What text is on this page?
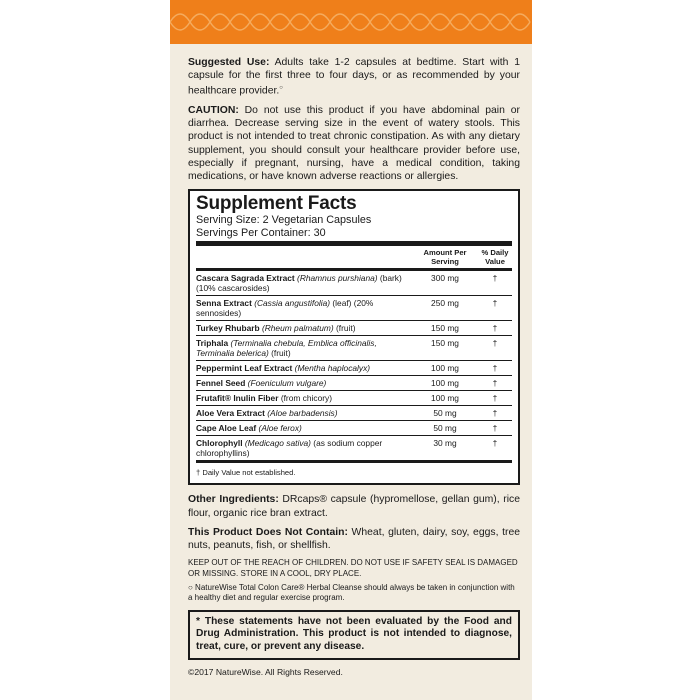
Suggested Use: Adults take 1-2 capsules at bedtime. Start with 1 capsule for the first three to four days, or as recommended by your healthcare provider.○

CAUTION: Do not use this product if you have abdominal pain or diarrhea. Decrease serving size in the event of watery stools. This product is not intended to treat chronic constipation. As with any dietary supplement, you should consult your healthcare provider before use, especially if pregnant, nursing, have a medical condition, taking medications, or have known adverse reactions or allergies.

Supplement Facts
Serving Size: 2 Vegetarian Capsules
Servings Per Container: 30
Amount Per Serving
% Daily Value
Cascara Sagrada Extract (Rhamnus purshiana) (bark) (10% cascarosides)
300 mg	†
Senna Extract (Cassia angustifolia) (leaf) (20% sennosides)
250 mg	†
Turkey Rhubarb (Rheum palmatum) (fruit)	150 mg	†
Triphala (Terminalia chebula, Emblica officinalis, Terminalia belerica) (fruit)
150 mg	†
Peppermint Leaf Extract (Mentha haplocalyx)	100 mg	†
Fennel Seed (Foeniculum vulgare)	100 mg	†
Frutafit® Inulin Fiber (from chicory)	100 mg	†
Aloe Vera Extract (Aloe barbadensis)	50 mg	†
Cape Aloe Leaf (Aloe ferox)	50 mg	†
Chlorophyll (Medicago sativa) (as sodium copper chlorophyllins)
30 mg	†
† Daily Value not established.

Other Ingredients: DRcaps® capsule (hypromellose, gellan gum), rice flour, organic rice bran extract.

This Product Does Not Contain: Wheat, gluten, dairy, soy, eggs, tree nuts, peanuts, fish, or shellfish.

KEEP OUT OF THE REACH OF CHILDREN. DO NOT USE IF SAFETY SEAL IS DAMAGED OR MISSING. STORE IN A COOL, DRY PLACE.
○ NatureWise Total Colon Care® Herbal Cleanse should always be taken in conjunction with a healthy diet and regular exercise program.
* These statements have not been evaluated by the Food and Drug Administration. This product is not intended to diagnose, treat, cure, or prevent any disease.
©2017 NatureWise. All Rights Reserved.
